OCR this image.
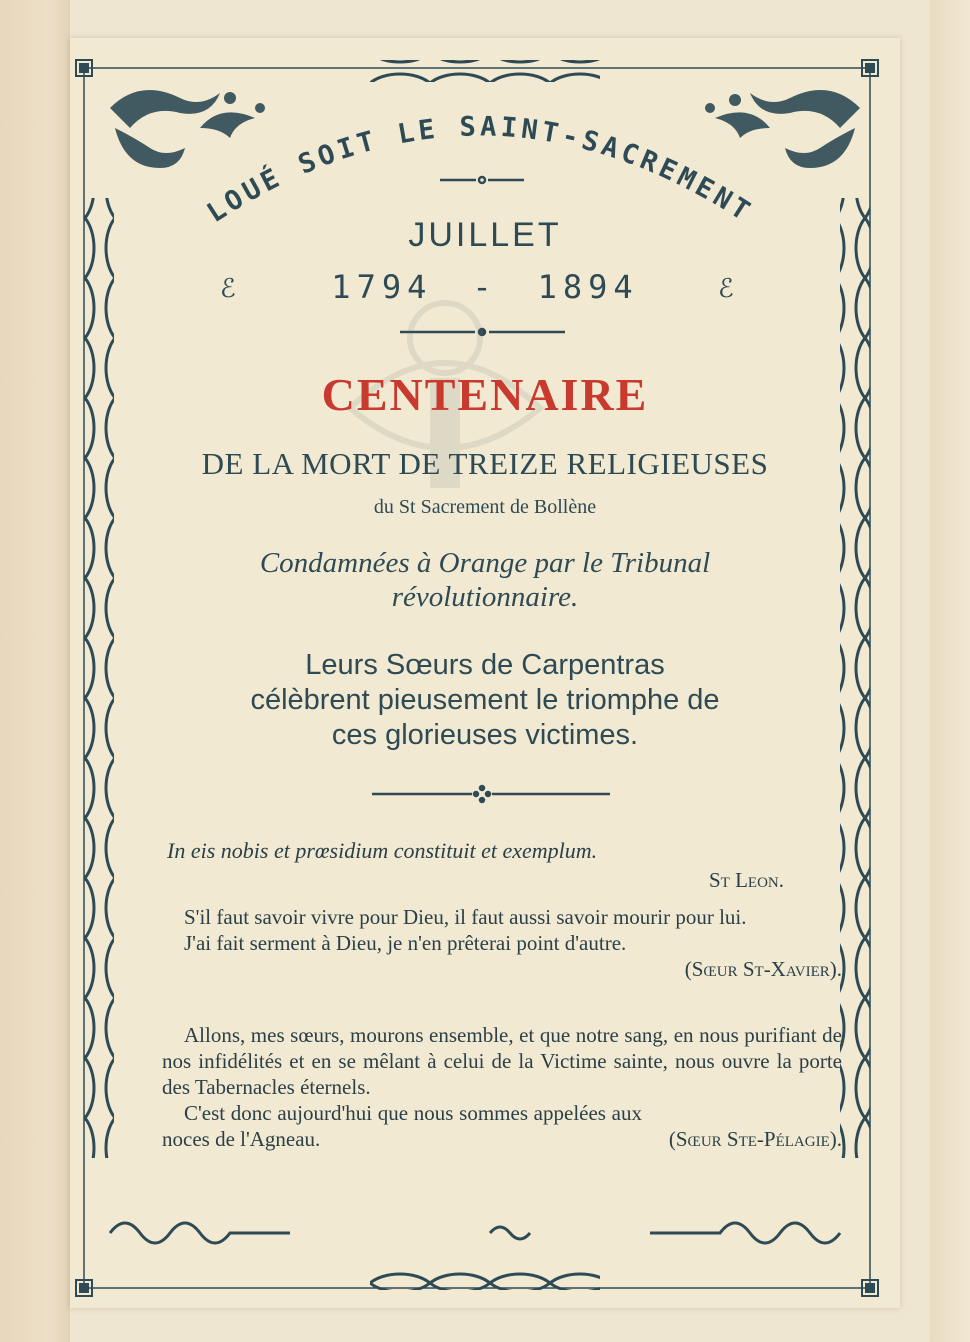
LOUÉ SOIT LE SAINT-SACREMENT
JUILLET
ℰ	1794 - 1894	ℰ
CENTENAIRE
DE LA MORT DE TREIZE RELIGIEUSES
du St Sacrement de Bollène
Condamnées à Orange par le Tribunal
révolutionnaire.
Leurs Sœurs de Carpentras
célèbrent pieusement le triomphe de
ces glorieuses victimes.
In eis nobis et prœsidium constituit et exemplum.
St Leon.
S'il faut savoir vivre pour Dieu, il faut aussi savoir mourir pour lui.
J'ai fait serment à Dieu, je n'en prêterai point d'autre.
(Sœur St-Xavier).
Allons, mes sœurs, mourons ensemble, et que notre sang, en nous purifiant de nos infidélités et en se mêlant à celui de la Victime sainte, nous ouvre la porte des Tabernacles éternels.
C'est donc aujourd'hui que nous sommes appelées aux noces de l'Agneau.	(Sœur Ste-Pélagie).
